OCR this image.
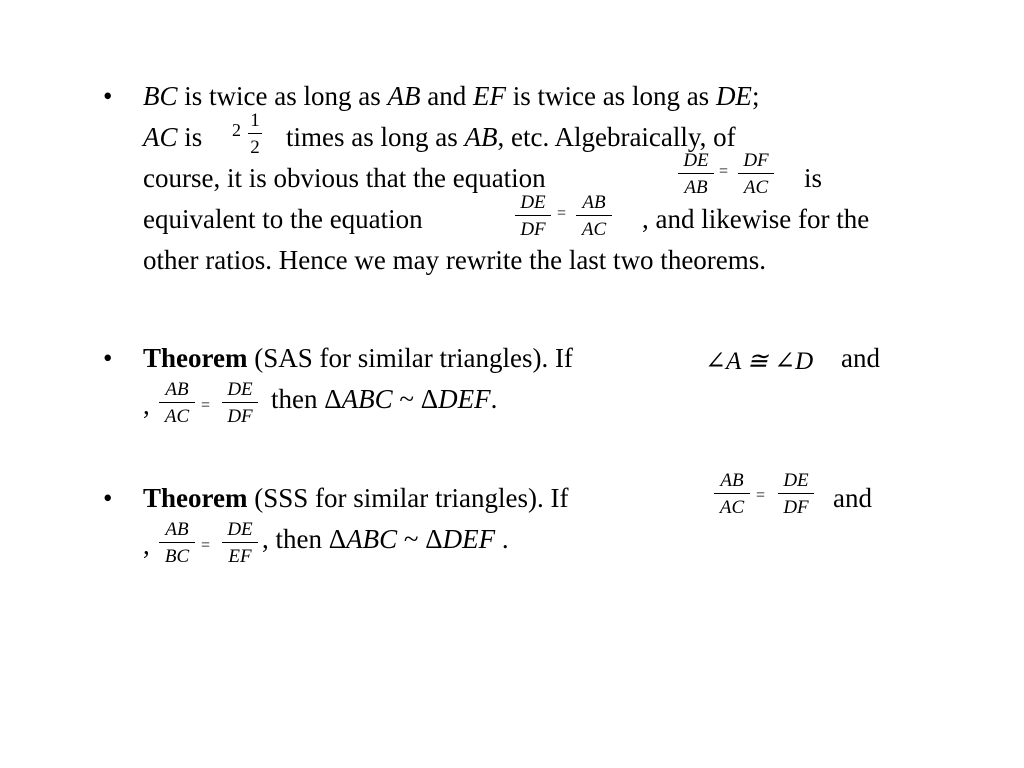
• BC is twice as long as AB and EF is twice as long as DE;
AC is 2 1
2 times as long as AB, etc. Algebraically, of
course, it is obvious that the equation	is
DE
AB
=
DF
AC
equivalent to the equation	, and likewise for the
DE
DF
=
AB
AC
other ratios. Hence we may rewrite the last two theorems.
• Theorem (SAS for similar triangles). If	∠A ≅ ∠D and
,
AB
AC
=
DE
DF
then ΔABC ~ ΔDEF.
• Theorem (SSS for similar triangles). If
AB
AC
=
DE
DF and
,
AB
BC
=
DE
EF
, then ΔABC ~ ΔDEF .
